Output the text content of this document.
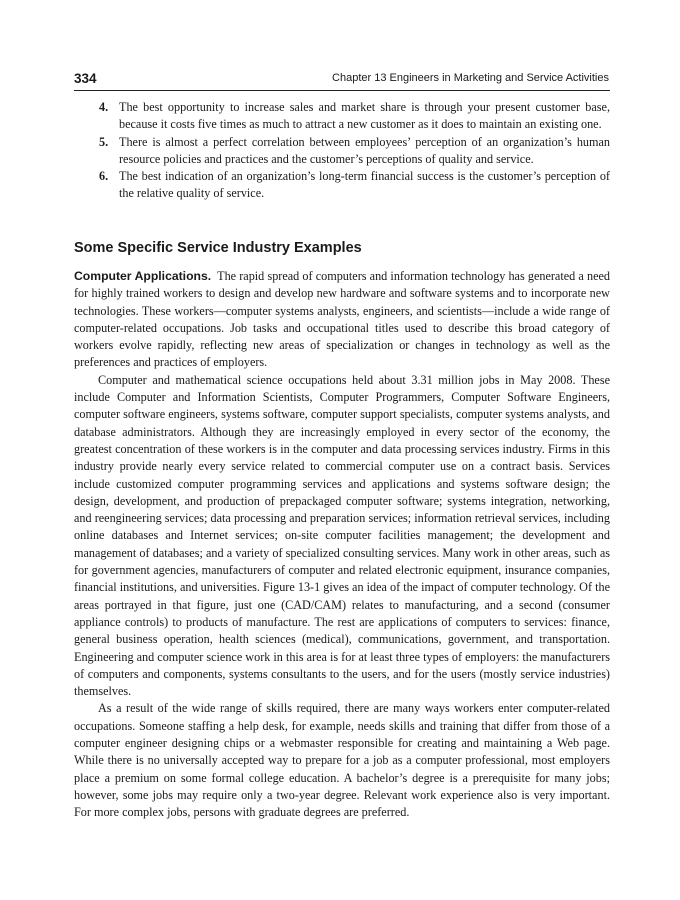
334	Chapter 13 Engineers in Marketing and Service Activities
4. The best opportunity to increase sales and market share is through your present customer base, because it costs five times as much to attract a new customer as it does to maintain an existing one.
5. There is almost a perfect correlation between employees’ perception of an organization’s human resource policies and practices and the customer’s perceptions of quality and service.
6. The best indication of an organization’s long-term financial success is the customer’s perception of the relative quality of service.
Some Specific Service Industry Examples

Computer Applications. The rapid spread of computers and information technology has generated a need for highly trained workers to design and develop new hardware and software systems and to incorporate new technologies. These workers—computer systems analysts, engineers, and scientists—include a wide range of computer-related occupations. Job tasks and occupational titles used to describe this broad category of workers evolve rapidly, reflecting new areas of specialization or changes in technology as well as the preferences and practices of employers.

Computer and mathematical science occupations held about 3.31 million jobs in May 2008. These include Computer and Information Scientists, Computer Programmers, Computer Software Engineers, computer software engineers, systems software, computer support specialists, computer systems analysts, and database administrators. Although they are increasingly employed in every sector of the economy, the greatest concentration of these workers is in the computer and data processing services industry. Firms in this industry provide nearly every service related to commercial computer use on a contract basis. Services include customized computer programming services and applications and systems software design; the design, development, and production of prepackaged computer software; systems integration, networking, and reengineering services; data processing and preparation services; information retrieval services, including online databases and Internet services; on-site computer facilities management; the development and management of databases; and a variety of specialized consulting services. Many work in other areas, such as for government agencies, manufacturers of computer and related electronic equipment, insurance companies, financial institutions, and universities. Figure 13-1 gives an idea of the impact of computer technology. Of the areas portrayed in that figure, just one (CAD/CAM) relates to manufacturing, and a second (consumer appliance controls) to products of manufacture. The rest are applications of computers to services: finance, general business operation, health sciences (medical), communications, government, and transportation. Engineering and computer science work in this area is for at least three types of employers: the manufacturers of computers and components, systems consultants to the users, and for the users (mostly service industries) themselves.

As a result of the wide range of skills required, there are many ways workers enter computer-related occupations. Someone staffing a help desk, for example, needs skills and training that differ from those of a computer engineer designing chips or a webmaster responsible for creating and maintaining a Web page. While there is no universally accepted way to prepare for a job as a computer professional, most employers place a premium on some formal college education. A bachelor’s degree is a prerequisite for many jobs; however, some jobs may require only a two-year degree. Relevant work experience also is very important. For more complex jobs, persons with graduate degrees are preferred.
